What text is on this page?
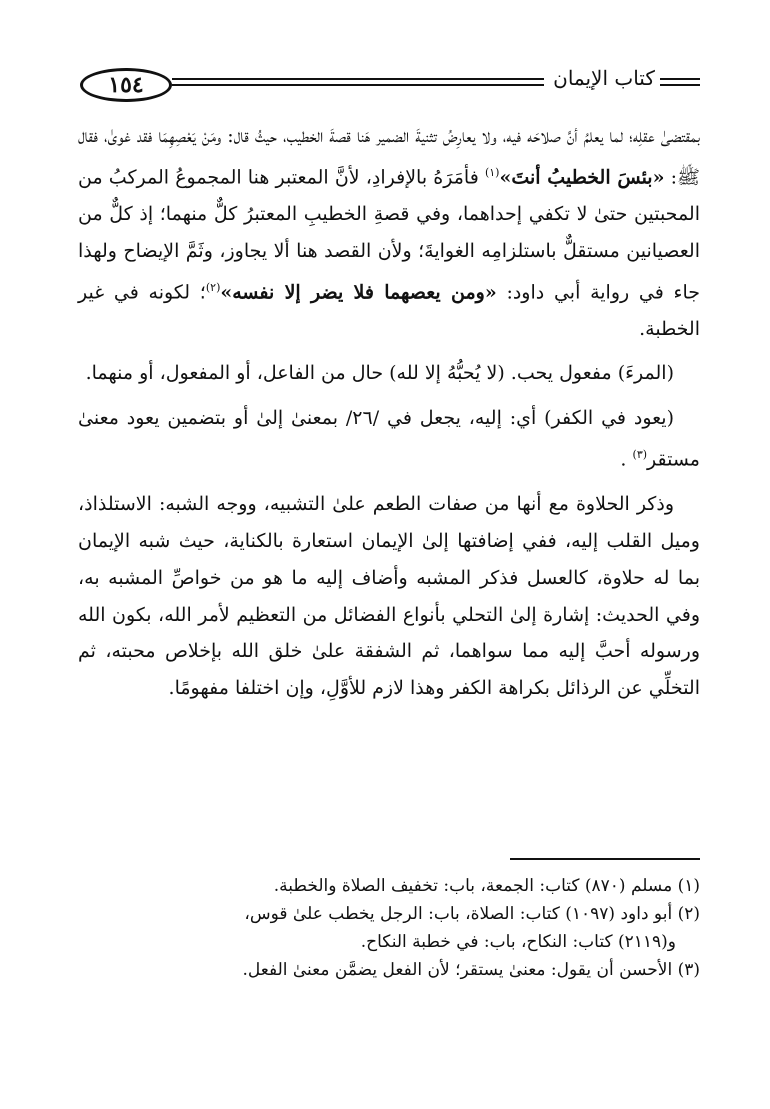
١٥٤	كتاب الإيمان

بمقتضىٰ عقلِه؛ لما يعلمُ أنَّ صلاحَه فيه، ولا يعارِضُ تثنيةَ الضمير هَنا قصةَ الخطيب، حيثُ قال: ومَنْ يَعْصِهِمَا فقد غوىٰ، فقال ﷺ: «بئسَ الخطيبُ أنتَ»$^{(١)}$ فأمَرَهُ بالإفرادِ، لأنَّ المعتبر هنا المجموعُ المركبُ من المحبتين حتىٰ لا تكفي إحداهما، وفي قصةِ الخطيبِ المعتبرُ كلٌّ منهما؛ إذ كلٌّ من العصيانين مستقلٌّ باستلزامِه الغوايةَ؛ ولأن القصد هنا ألا يجاوز، وثَمَّ الإيضاح ولهذا جاء في رواية أبي داود: «ومن يعصهما فلا يضر إلا نفسه»$^{(٢)}$؛ لكونه في غير الخطبة.

(المرءَ) مفعول يحب. (لا يُحبُّهُ إلا لله) حال من الفاعل، أو المفعول، أو منهما.

(يعود في الكفر) أي: إليه، يجعل في /٢٦/ بمعنىٰ إلىٰ أو بتضمين يعود معنىٰ مستقر$^{(٣)}$ .

وذكر الحلاوة مع أنها من صفات الطعم علىٰ التشبيه، ووجه الشبه: الاستلذاذ، وميل القلب إليه، ففي إضافتها إلىٰ الإيمان استعارة بالكناية، حيث شبه الإيمان بما له حلاوة، كالعسل فذكر المشبه وأضاف إليه ما هو من خواصِّ المشبه به، وفي الحديث: إشارة إلىٰ التحلي بأنواع الفضائل من التعظيم لأمر الله، بكون الله ورسوله أحبَّ إليه مما سواهما، ثم الشفقة علىٰ خلق الله بإخلاص محبته، ثم التخلِّي عن الرذائل بكراهة الكفر وهذا لازم للأوَّلِ، وإن اختلفا مفهومًا.

(١) مسلم (٨٧٠) كتاب: الجمعة، باب: تخفيف الصلاة والخطبة.

(٢) أبو داود (١٠٩٧) كتاب: الصلاة، باب: الرجل يخطب علىٰ قوس،

و(٢١١٩) كتاب: النكاح، باب: في خطبة النكاح.

(٣) الأحسن أن يقول: معنىٰ يستقر؛ لأن الفعل يضمَّن معنىٰ الفعل.
